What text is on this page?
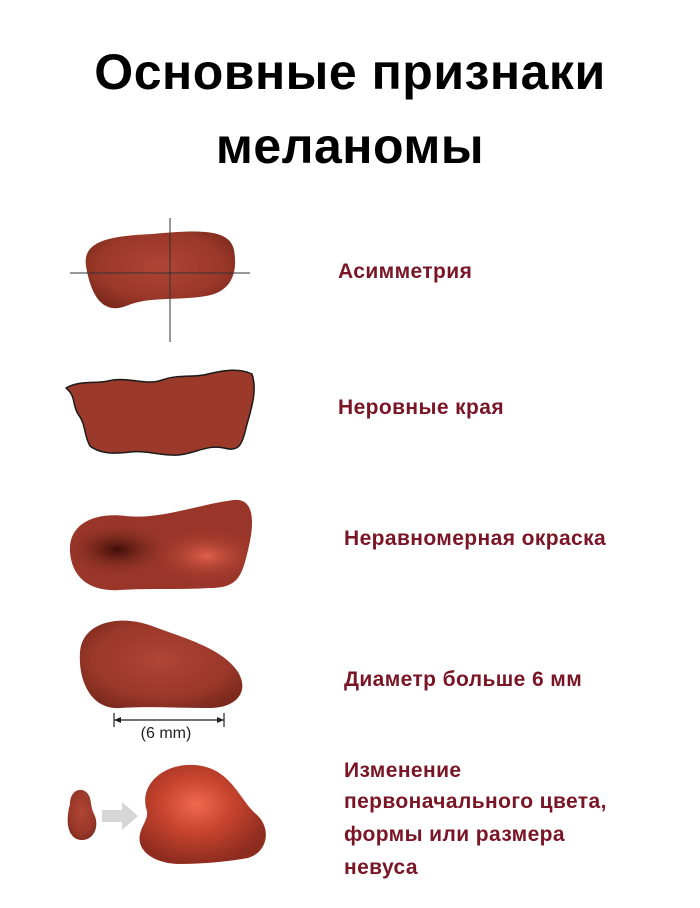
Основные признаки
меланомы
(6 mm)
Асимметрия
Неровные края
Неравномерная окраска
Диаметр больше 6 мм
Изменение
первоначального цвета,
формы или размера
невуса
